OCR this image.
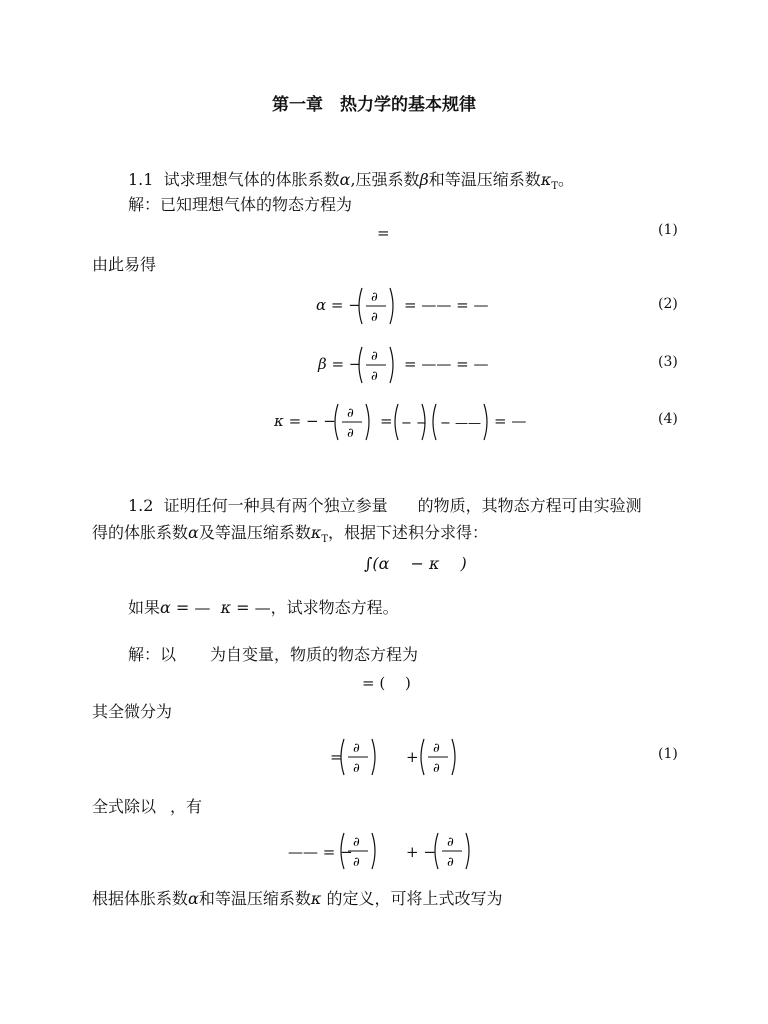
第一章　热力学的基本规律
1.1 试求理想气体的体胀系数α,压强系数β和等温压缩系数$\kappa_T$。
解：已知理想气体的物态方程为
=	(1)
由此易得
α = − ∂
∂
= —— = —	(2)
β = − ∂
∂
= —— = —	(3)
κ = − − ∂
∂
= − − − —— = —	(4)
1.2 证明任何一种具有两个独立参量 的物质，其物态方程可由实验测
得的体胀系数α及等温压缩系数$\kappa_T$，根据下述积分求得：
∫(α　 − κ　 )
如果α = — κ = —，试求物态方程。
解：以 为自变量，物质的物态方程为
= (　 )
其全微分为
= ∂
∂
+ ∂
∂
(1)
全式除以 ，有
—— = −
∂
∂
+ −
∂
∂
根据体胀系数α和等温压缩系数κ 的定义，可将上式改写为
